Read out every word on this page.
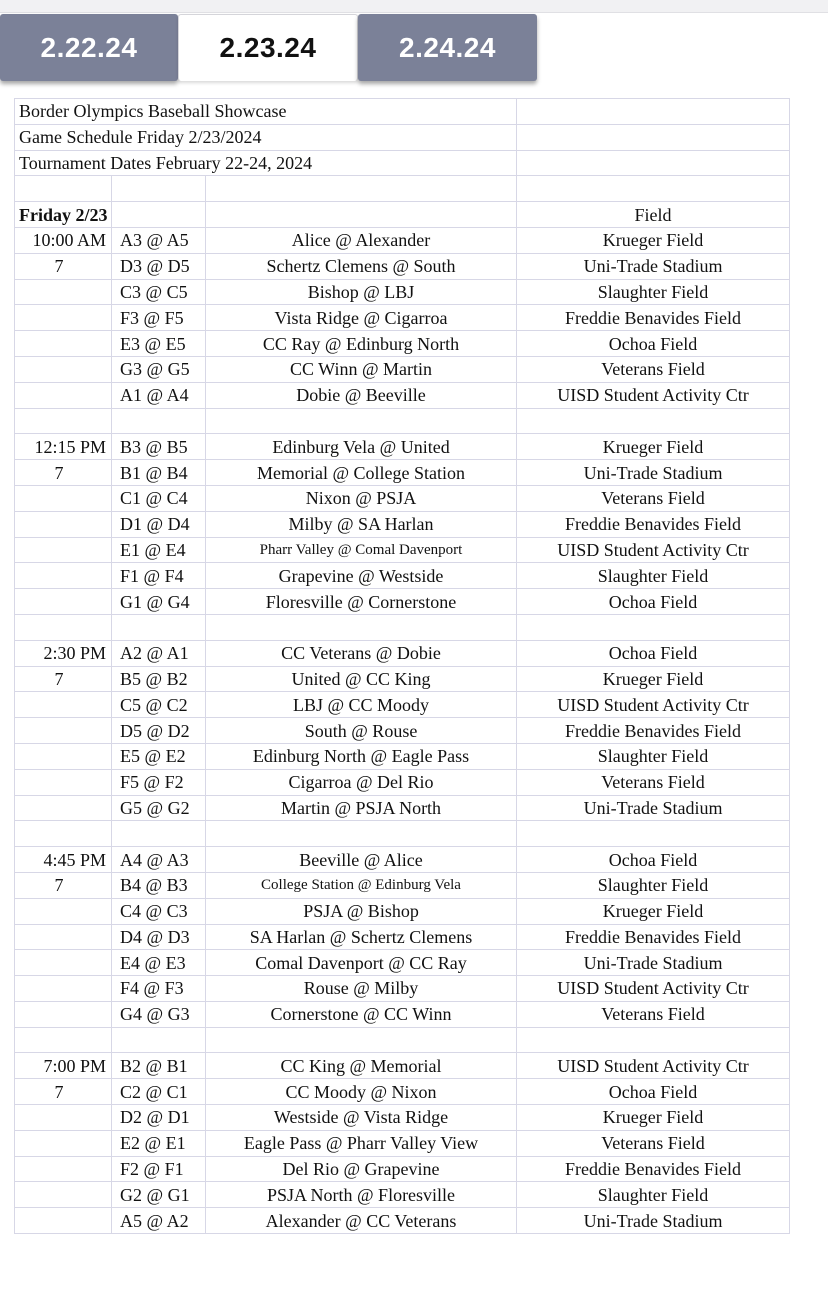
2.22.24	2.23.24	2.24.24
Border Olympics Baseball Showcase			
Game Schedule Friday 2/23/2024			
Tournament Dates February 22-24, 2024			

Friday 2/23			Field
10:00 AM	A3 @ A5	Alice @ Alexander	Krueger Field
7	D3 @ D5	Schertz Clemens @ South	Uni-Trade Stadium
	C3 @ C5	Bishop @ LBJ	Slaughter Field
	F3 @ F5	Vista Ridge @ Cigarroa	Freddie Benavides Field
	E3 @ E5	CC Ray @ Edinburg North	Ochoa Field
	G3 @ G5	CC Winn @ Martin	Veterans Field
	A1 @ A4	Dobie @ Beeville	UISD Student Activity Ctr

12:15 PM	B3 @ B5	Edinburg Vela @ United	Krueger Field
7	B1 @ B4	Memorial @ College Station	Uni-Trade Stadium
	C1 @ C4	Nixon @ PSJA	Veterans Field
	D1 @ D4	Milby @ SA Harlan	Freddie Benavides Field
	E1 @ E4	Pharr Valley @ Comal Davenport	UISD Student Activity Ctr
	F1 @ F4	Grapevine @ Westside	Slaughter Field
	G1 @ G4	Floresville @ Cornerstone	Ochoa Field

2:30 PM	A2 @ A1	CC Veterans @ Dobie	Ochoa Field
7	B5 @ B2	United @ CC King	Krueger Field
	C5 @ C2	LBJ @ CC Moody	UISD Student Activity Ctr
	D5 @ D2	South @ Rouse	Freddie Benavides Field
	E5 @ E2	Edinburg North @ Eagle Pass	Slaughter Field
	F5 @ F2	Cigarroa @ Del Rio	Veterans Field
	G5 @ G2	Martin @ PSJA North	Uni-Trade Stadium

4:45 PM	A4 @ A3	Beeville @ Alice	Ochoa Field
7	B4 @ B3	College Station @ Edinburg Vela	Slaughter Field
	C4 @ C3	PSJA @ Bishop	Krueger Field
	D4 @ D3	SA Harlan @ Schertz Clemens	Freddie Benavides Field
	E4 @ E3	Comal Davenport @ CC Ray	Uni-Trade Stadium
	F4 @ F3	Rouse @ Milby	UISD Student Activity Ctr
	G4 @ G3	Cornerstone @ CC Winn	Veterans Field

7:00 PM	B2 @ B1	CC King @ Memorial	UISD Student Activity Ctr
7	C2 @ C1	CC Moody @ Nixon	Ochoa Field
	D2 @ D1	Westside @ Vista Ridge	Krueger Field
	E2 @ E1	Eagle Pass @ Pharr Valley View	Veterans Field
	F2 @ F1	Del Rio @ Grapevine	Freddie Benavides Field
	G2 @ G1	PSJA North @ Floresville	Slaughter Field
	A5 @ A2	Alexander @ CC Veterans	Uni-Trade Stadium
